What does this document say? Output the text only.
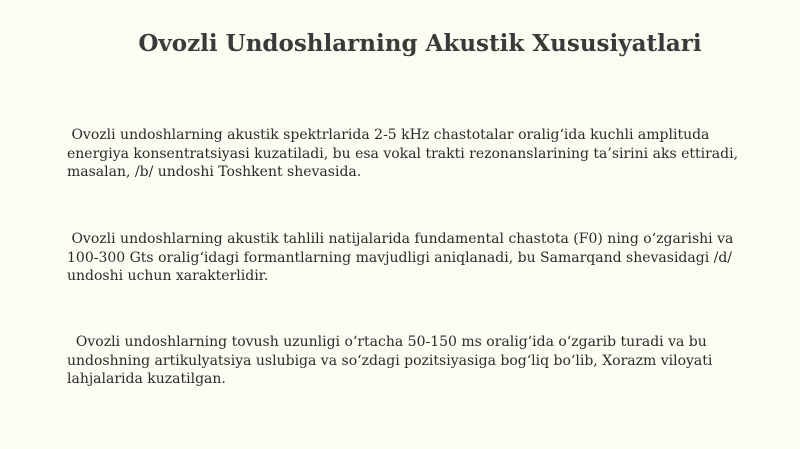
Ovozli Undoshlarning Akustik Xususiyatlari

Ovozli undoshlarning akustik spektrlarida 2-5 kHz chastotalar oralig‘ida kuchli amplituda energiya konsentratsiyasi kuzatiladi, bu esa vokal trakti rezonanslarining ta’sirini aks ettiradi, masalan, /b/ undoshi Toshkent shevasida.

Ovozli undoshlarning akustik tahlili natijalarida fundamental chastota (F0) ning o‘zgarishi va 100-300 Gts oralig‘idagi formantlarning mavjudligi aniqlanadi, bu Samarqand shevasidagi /d/ undoshi uchun xarakterlidir.

Ovozli undoshlarning tovush uzunligi o‘rtacha 50-150 ms oralig‘ida o‘zgarib turadi va bu undoshning artikulyatsiya uslubiga va so‘zdagi pozitsiyasiga bog‘liq bo‘lib, Xorazm viloyati lahjalarida kuzatilgan.
